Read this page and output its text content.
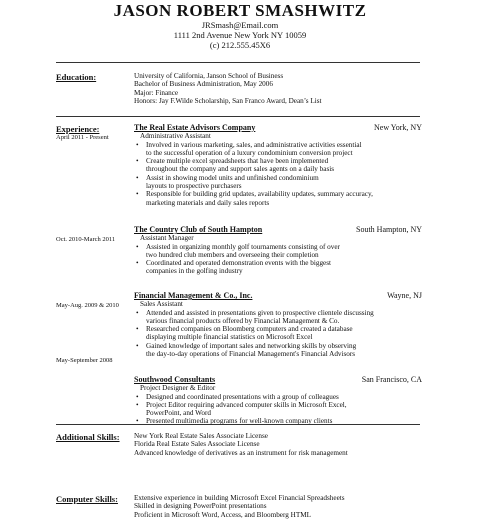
JASON ROBERT SMASHWITZ
JRSmash@Email.com
1111 2nd Avenue New York NY 10059
(c) 212.555.45X6
Education:	University of California, Janson School of Business
Bachelor of Business Administration, May 2006
Major: Finance
Honors: Jay F.Wilde Scholarship, San Franco Award, Dean’s List
Experience:
April 2011 - Present
The Real Estate Advisors Company	New York, NY
Administrative Assistant
• Involved in various marketing, sales, and administrative activities essential
to the successful operation of a luxury condominium conversion project
• Create multiple excel spreadsheets that have been implemented
throughout the company and support sales agents on a daily basis
• Assist in showing model units and unfinished condominium
layouts to prospective purchasers
• Responsible for building grid updates, availability updates, summary accuracy,
marketing materials and daily sales reports
Oct. 2010-March 2011
The Country Club of South Hampton	South Hampton, NY
Assistant Manager
• Assisted in organizing monthly golf tournaments consisting of over
two hundred club members and overseeing their completion
• Coordinated and operated demonstration events with the biggest
companies in the golfing industry
May-Aug. 2009 & 2010
Financial Management & Co., Inc.	Wayne, NJ
Sales Assistant
• Attended and assisted in presentations given to prospective clientele discussing
various financial products offered by Financial Management & Co.
• Researched companies on Bloomberg computers and created a database
displaying multiple financial statistics on Microsoft Excel
• Gained knowledge of important sales and networking skills by observing
the day-to-day operations of Financial Management's Financial Advisors
May-September 2008
Southwood Consultants	San Francisco, CA
Project Designer & Editor
• Designed and coordinated presentations with a group of colleagues
• Project Editor requiring advanced computer skills in Microsoft Excel,
PowerPoint, and Word
• Presented multimedia programs for well-known company clients
Additional Skills: New York Real Estate Sales Associate License
Florida Real Estate Sales Associate License
Advanced knowledge of derivatives as an instrument for risk management
Computer Skills: Extensive experience in building Microsoft Excel Financial Spreadsheets
Skilled in designing PowerPoint presentations
Proficient in Microsoft Word, Access, and Bloomberg HTML
